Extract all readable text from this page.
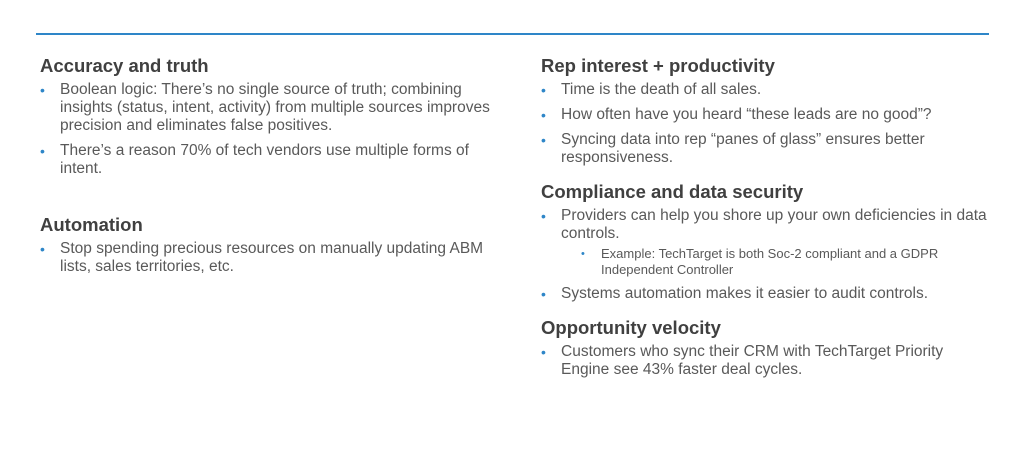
Accuracy and truth
• Boolean logic: There’s no single source of truth; combining insights (status, intent, activity) from multiple sources improves precision and eliminates false positives.
• There’s a reason 70% of tech vendors use multiple forms of intent.
Automation
• Stop spending precious resources on manually updating ABM lists, sales territories, etc.
Rep interest + productivity
• Time is the death of all sales.
• How often have you heard “these leads are no good”?
• Syncing data into rep “panes of glass” ensures better responsiveness.
Compliance and data security
• Providers can help you shore up your own deficiencies in data controls.
• Example: TechTarget is both Soc-2 compliant and a GDPR Independent Controller
• Systems automation makes it easier to audit controls.
Opportunity velocity
• Customers who sync their CRM with TechTarget Priority Engine see 43% faster deal cycles.
